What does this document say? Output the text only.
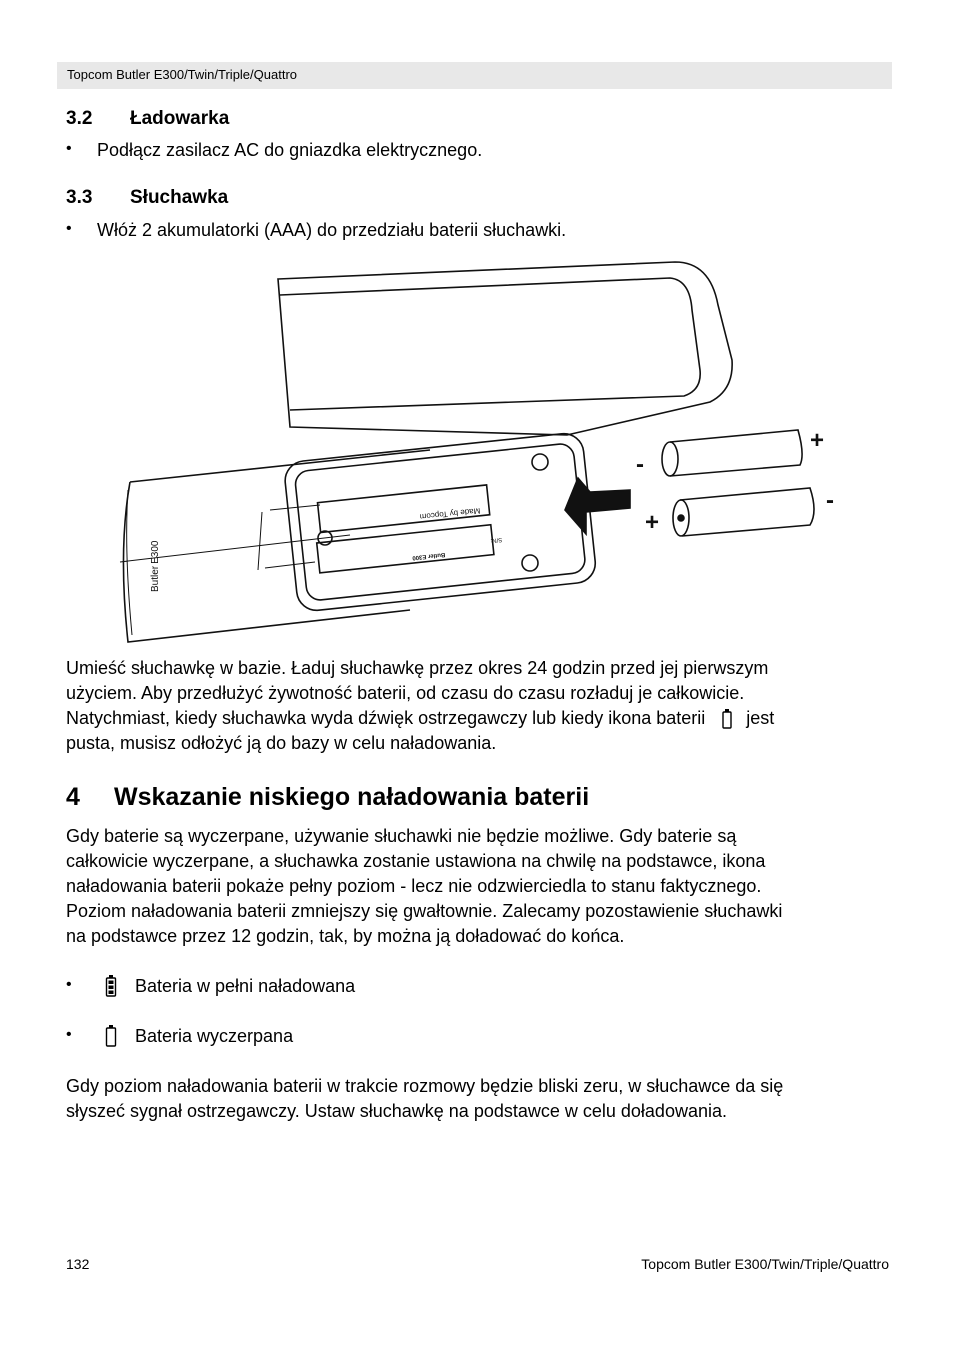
Topcom Butler E300/Twin/Triple/Quattro
3.2 Ładowarka
• Podłącz zasilacz AC do gniazdka elektrycznego.
3.3 Słuchawka
• Włóż 2 akumulatorki (AAA) do przedziału baterii słuchawki.
+
-
+
-
ButlerE300
Made by Topcom
S/N:
Butler E300
Umieść słuchawkę w bazie. Ładuj słuchawkę przez okres 24 godzin przed jej pierwszym
użyciem. Aby przedłużyć żywotność baterii, od czasu do czasu rozładuj je całkowicie.
Natychmiast, kiedy słuchawka wyda dźwięk ostrzegawczy lub kiedy ikona baterii jest
pusta, musisz odłożyć ją do bazy w celu naładowania.
4 Wskazanie niskiego naładowania baterii
Gdy baterie są wyczerpane, używanie słuchawki nie będzie możliwe. Gdy baterie są
całkowicie wyczerpane, a słuchawka zostanie ustawiona na chwilę na podstawce, ikona
naładowania baterii pokaże pełny poziom - lecz nie odzwierciedla to stanu faktycznego.
Poziom naładowania baterii zmniejszy się gwałtownie. Zalecamy pozostawienie słuchawki
na podstawce przez 12 godzin, tak, by można ją doładować do końca.
•	Bateria w pełni naładowana
•	Bateria wyczerpana
Gdy poziom naładowania baterii w trakcie rozmowy będzie bliski zeru, w słuchawce da się
słyszeć sygnał ostrzegawczy. Ustaw słuchawkę na podstawce w celu doładowania.
132	Topcom Butler E300/Twin/Triple/Quattro
